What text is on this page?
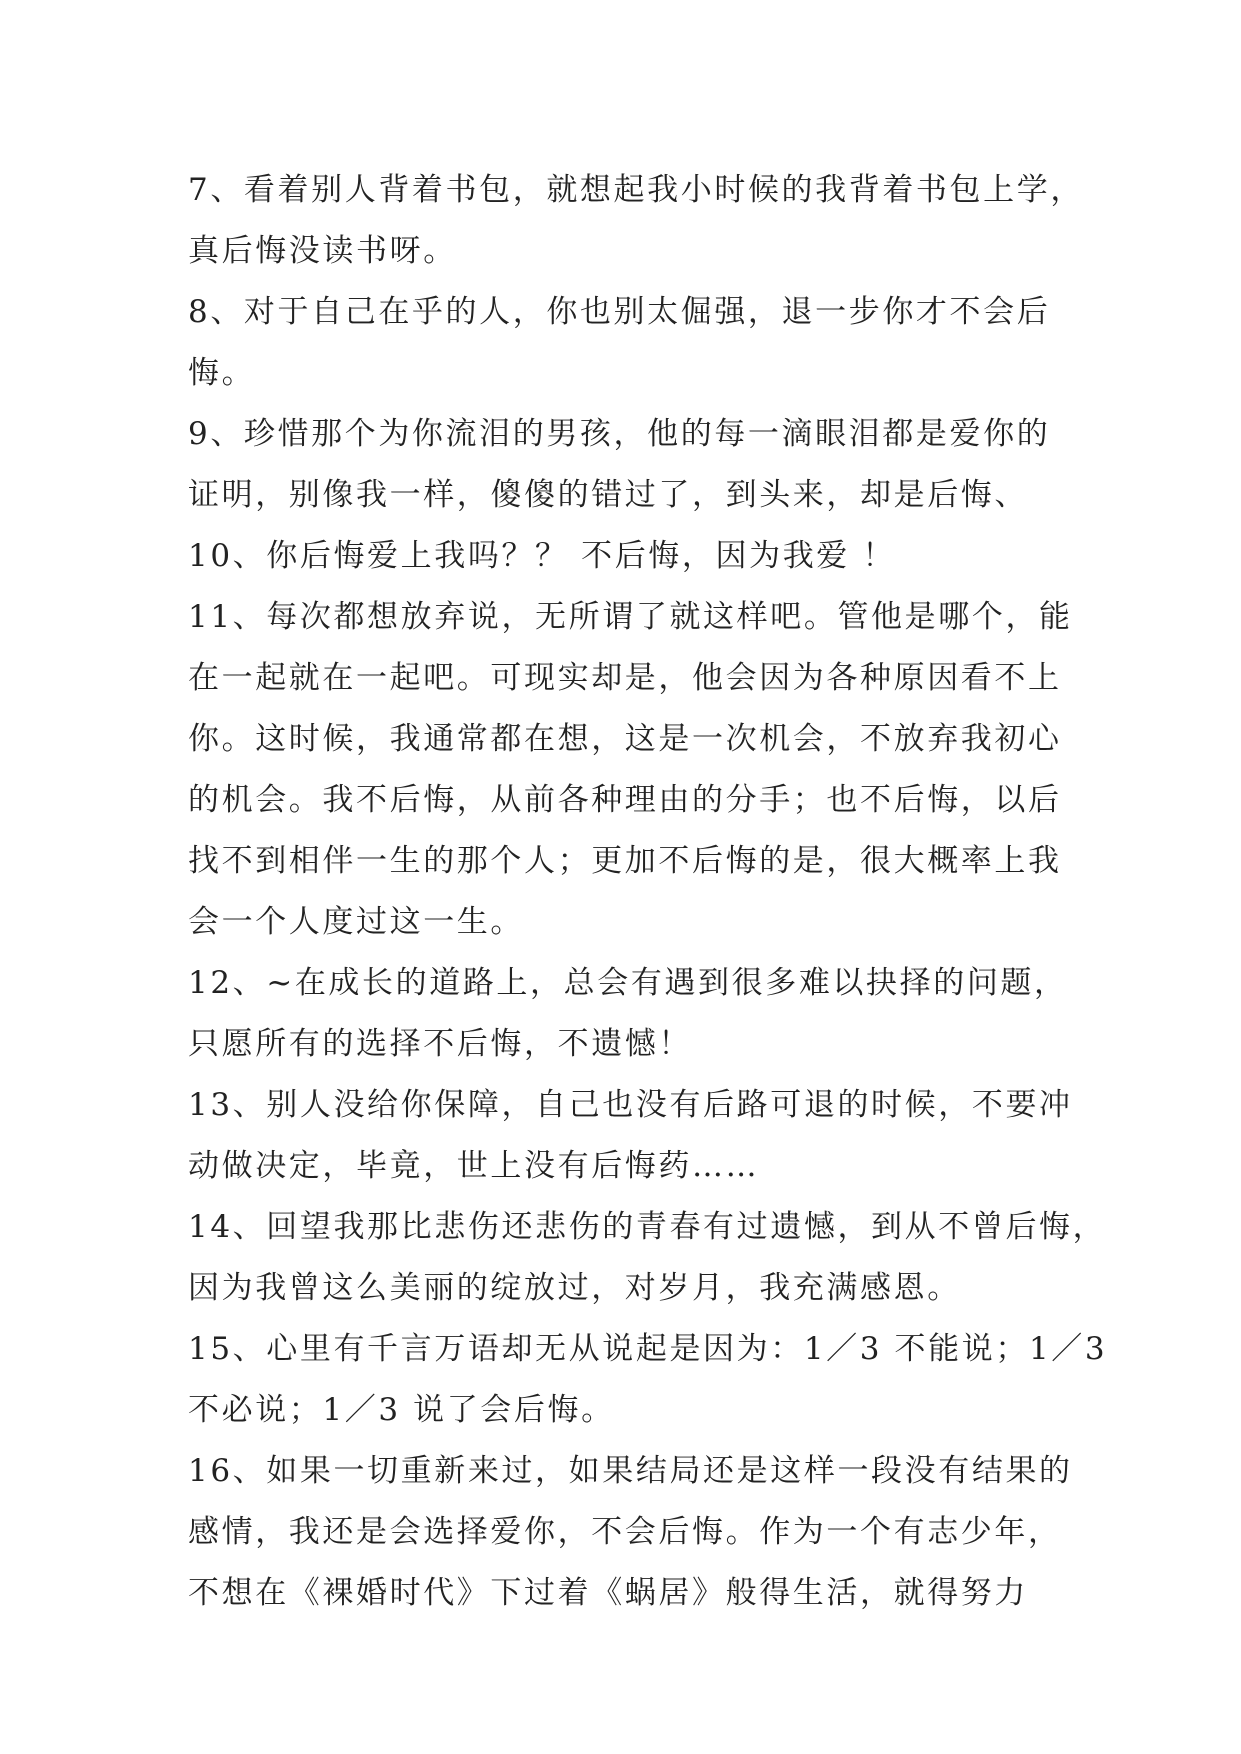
7、看着别人背着书包，就想起我小时候的我背着书包上学，
真后悔没读书呀。
8、对于自己在乎的人，你也别太倔强，退一步你才不会后
悔。
9、珍惜那个为你流泪的男孩，他的每一滴眼泪都是爱你的
证明，别像我一样，傻傻的错过了，到头来，却是后悔、
10、你后悔爱上我吗？？ 不后悔，因为我爱 ！
11、每次都想放弃说，无所谓了就这样吧。管他是哪个，能
在一起就在一起吧。可现实却是，他会因为各种原因看不上
你。这时候，我通常都在想，这是一次机会，不放弃我初心
的机会。我不后悔，从前各种理由的分手；也不后悔，以后
找不到相伴一生的那个人；更加不后悔的是，很大概率上我
会一个人度过这一生。
12、~在成长的道路上，总会有遇到很多难以抉择的问题，
只愿所有的选择不后悔，不遗憾！
13、别人没给你保障，自己也没有后路可退的时候，不要冲
动做决定，毕竟，世上没有后悔药……
14、回望我那比悲伤还悲伤的青春有过遗憾，到从不曾后悔，
因为我曾这么美丽的绽放过，对岁月，我充满感恩。
15、心里有千言万语却无从说起是因为：1／3 不能说；1／3
不必说；1／3 说了会后悔。
16、如果一切重新来过，如果结局还是这样一段没有结果的
感情，我还是会选择爱你，不会后悔。作为一个有志少年，
不想在《裸婚时代》下过着《蜗居》般得生活，就得努力
